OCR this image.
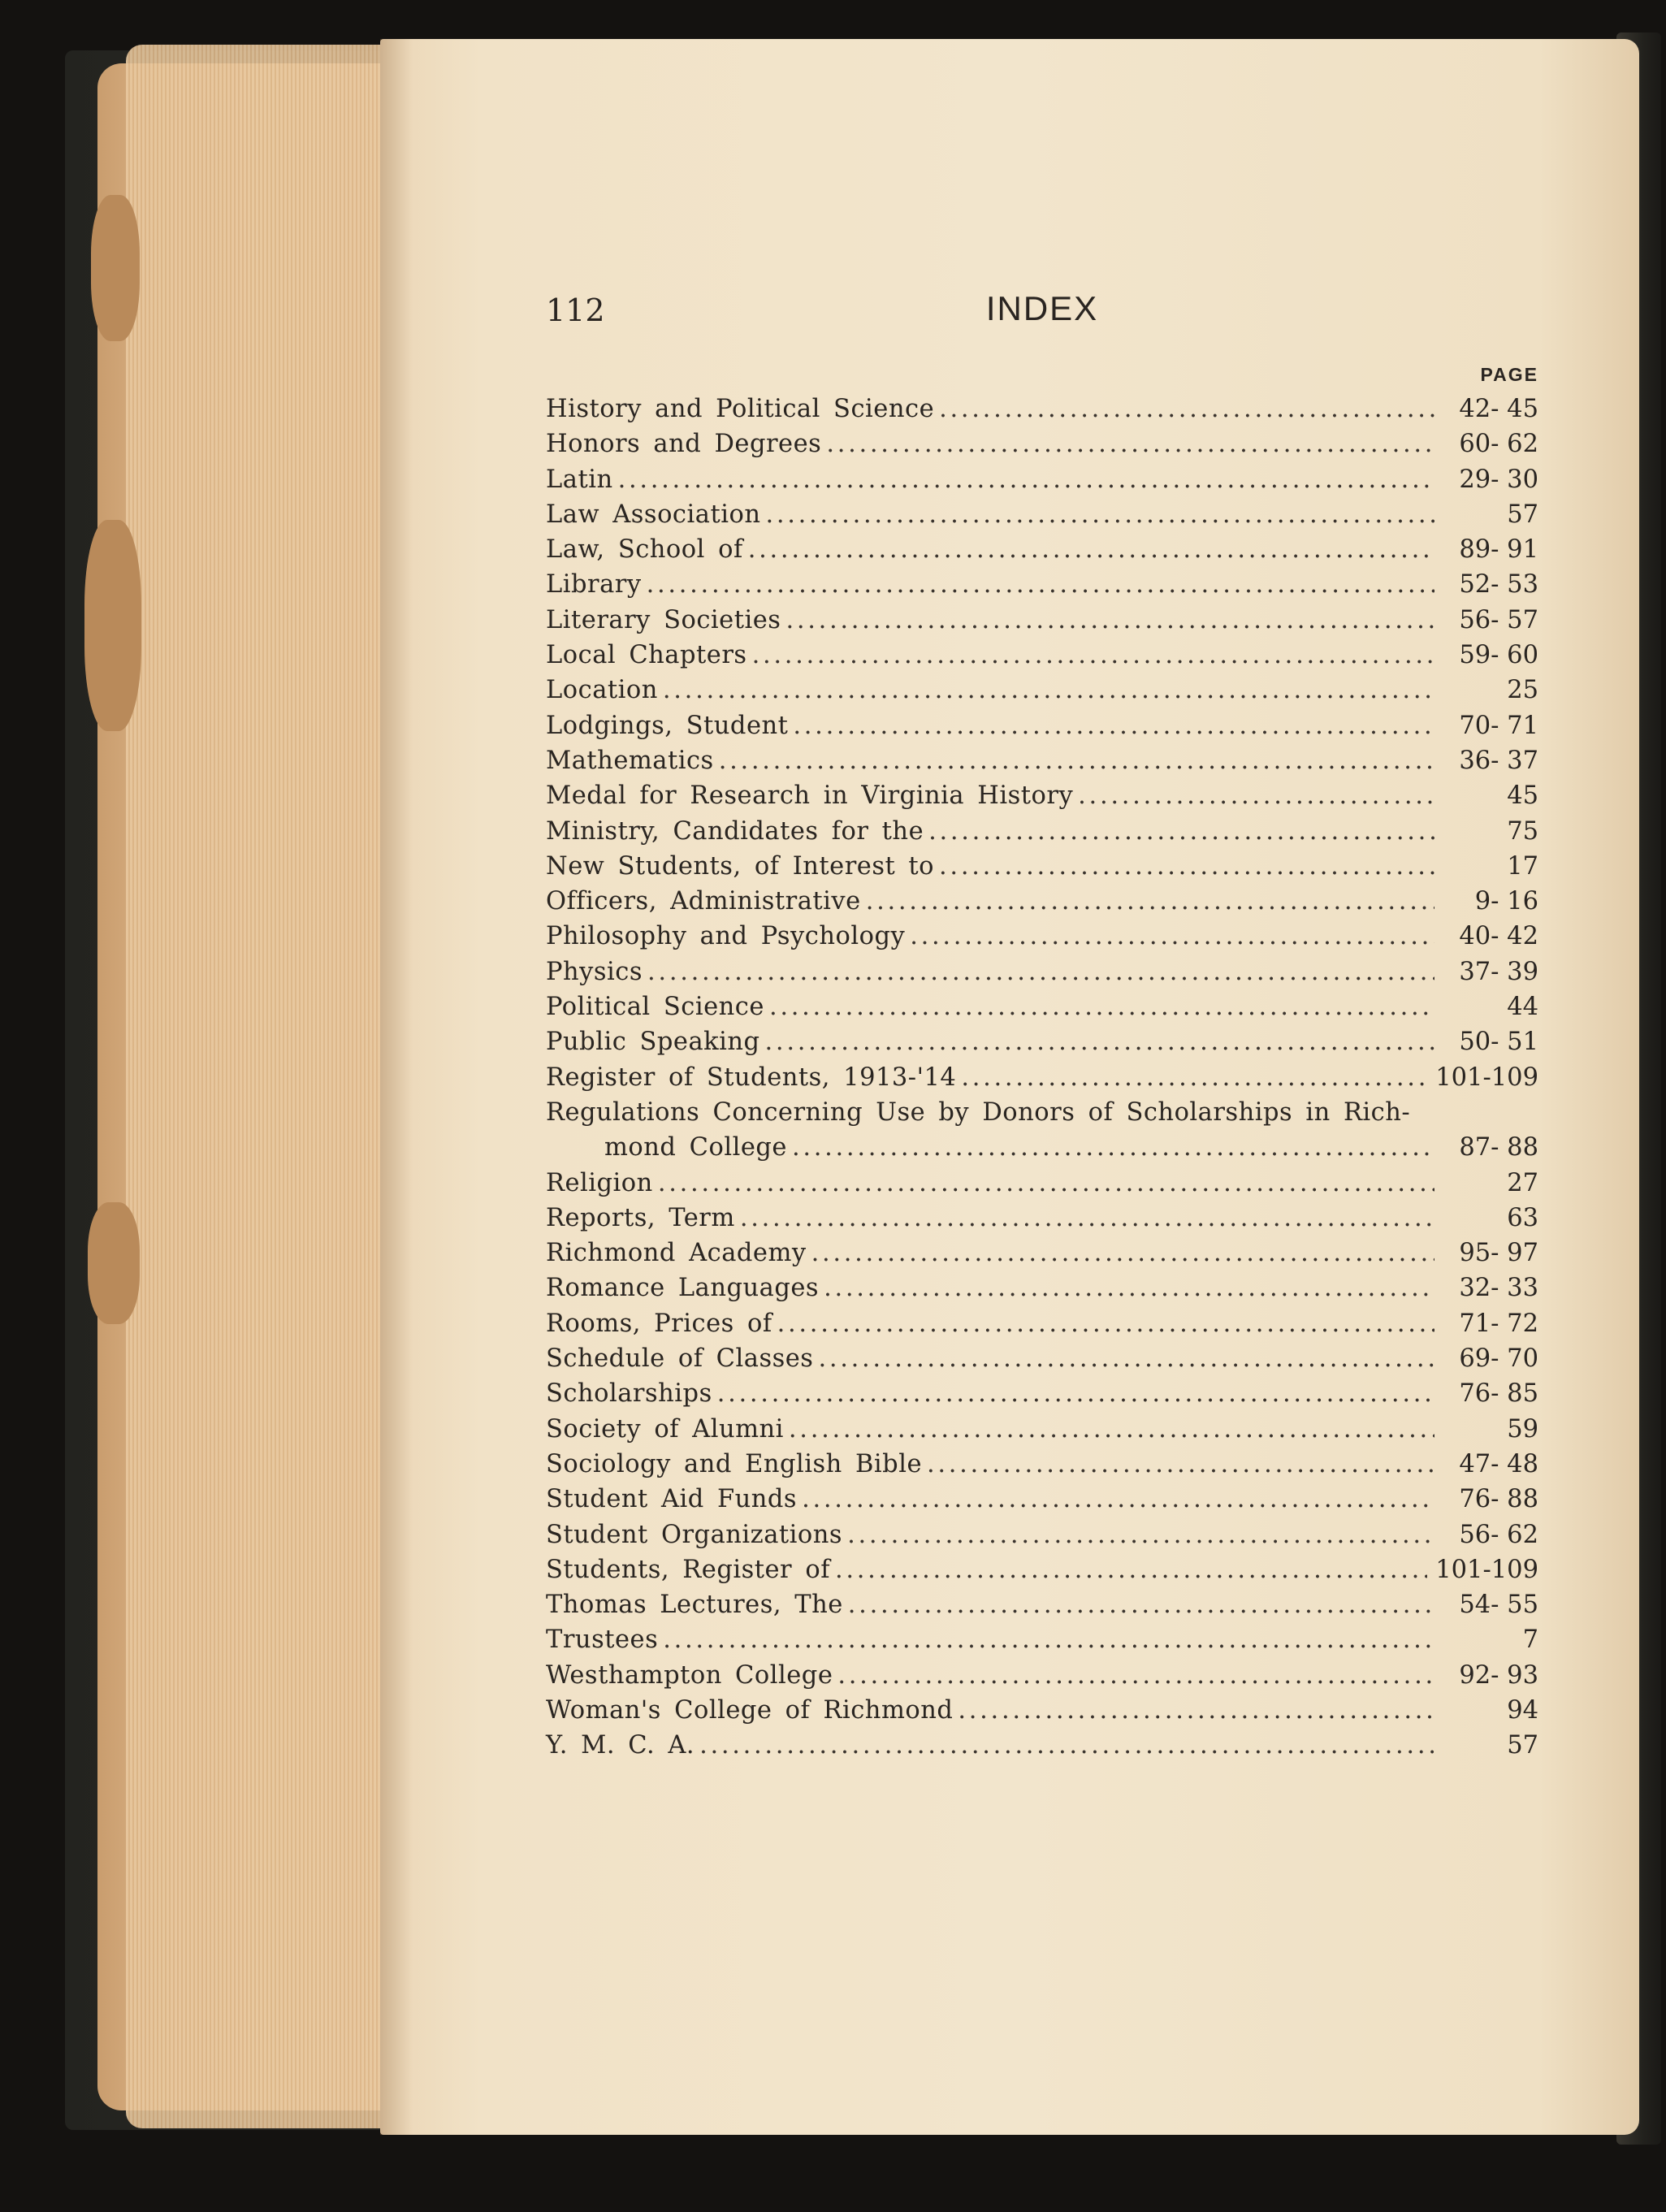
112	INDEX
PAGE
History and Political Science . . .	42- 45
Honors and Degrees . . .	60- 62
Latin . . .	29- 30
Law Association . . .	57
Law, School of . . .	89- 91
Library . . .	52- 53
Literary Societies . . .	56- 57
Local Chapters . . .	59- 60
Location . . .	25
Lodgings, Student . . .	70- 71
Mathematics . . .	36- 37
Medal for Research in Virginia History . . .	45
Ministry, Candidates for the . . .	75
New Students, of Interest to . . .	17
Officers, Administrative . . .	9- 16
Philosophy and Psychology . . .	40- 42
Physics . . .	37- 39
Political Science . . .	44
Public Speaking . . .	50- 51
Register of Students, 1913-'14 . . .	101-109
Regulations Concerning Use by Donors of Scholarships in Rich-
mond College . . .	87- 88
Religion . . .	27
Reports, Term . . .	63
Richmond Academy . . .	95- 97
Romance Languages . . .	32- 33
Rooms, Prices of . . .	71- 72
Schedule of Classes . . .	69- 70
Scholarships . . .	76- 85
Society of Alumni . . .	59
Sociology and English Bible . . .	47- 48
Student Aid Funds . . .	76- 88
Student Organizations . . .	56- 62
Students, Register of . . .	101-109
Thomas Lectures, The . . .	54- 55
Trustees . . .	7
Westhampton College . . .	92- 93
Woman's College of Richmond . . .	94
Y. M. C. A. . . .	57
